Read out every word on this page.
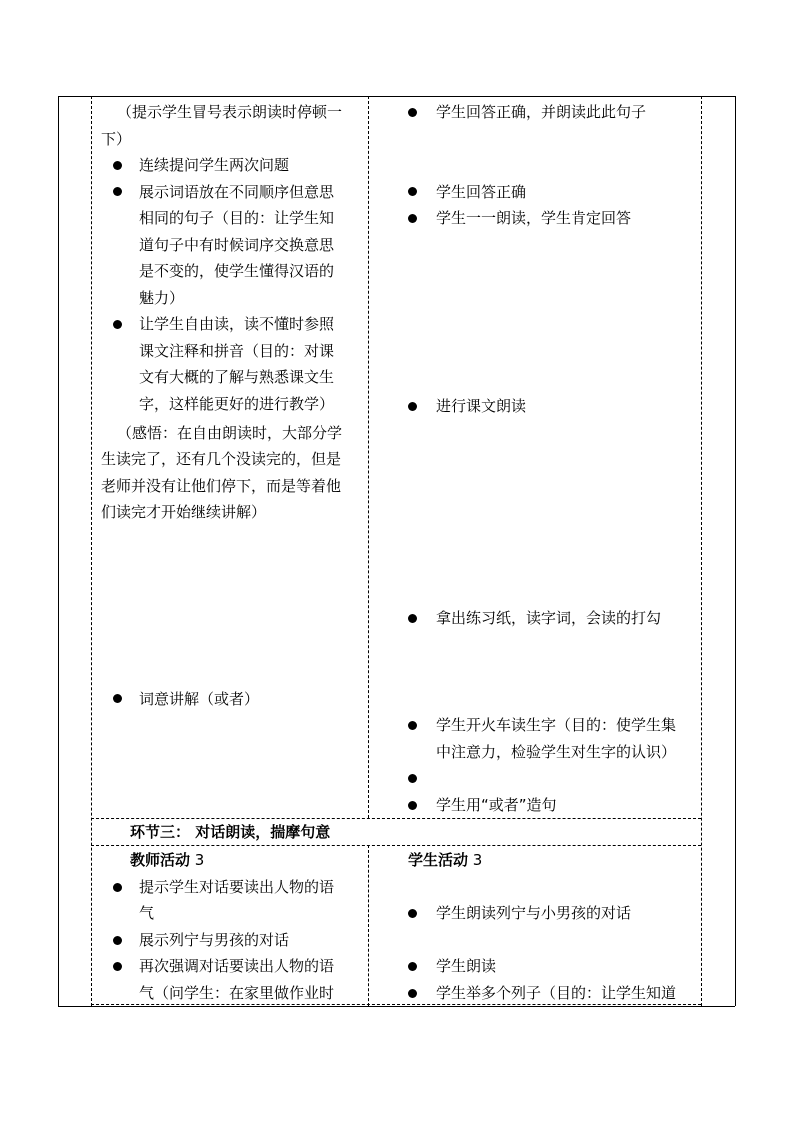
（提示学生冒号表示朗读时停顿一
下）
连续提问学生两次问题
展示词语放在不同顺序但意思
相同的句子（目的：让学生知
道句子中有时候词序交换意思
是不变的，使学生懂得汉语的
魅力）
让学生自由读，读不懂时参照
课文注释和拼音（目的：对课
文有大概的了解与熟悉课文生
字，这样能更好的进行教学）
（感悟：在自由朗读时，大部分学
生读完了，还有几个没读完的，但是
老师并没有让他们停下，而是等着他
们读完才开始继续讲解）
词意讲解（或者）
学生回答正确，并朗读此此句子
学生回答正确
学生一一朗读，学生肯定回答
进行课文朗读
拿出练习纸，读字词，会读的打勾
学生开火车读生字（目的：使学生集
中注意力，检验学生对生字的认识）
学生用“或者”造句
环节三： 对话朗读，揣摩句意
教师活动 3
提示学生对话要读出人物的语
气
展示列宁与男孩的对话
再次强调对话要读出人物的语
气（问学生：在家里做作业时
学生活动 3
学生朗读列宁与小男孩的对话
学生朗读
学生举多个列子（目的：让学生知道
